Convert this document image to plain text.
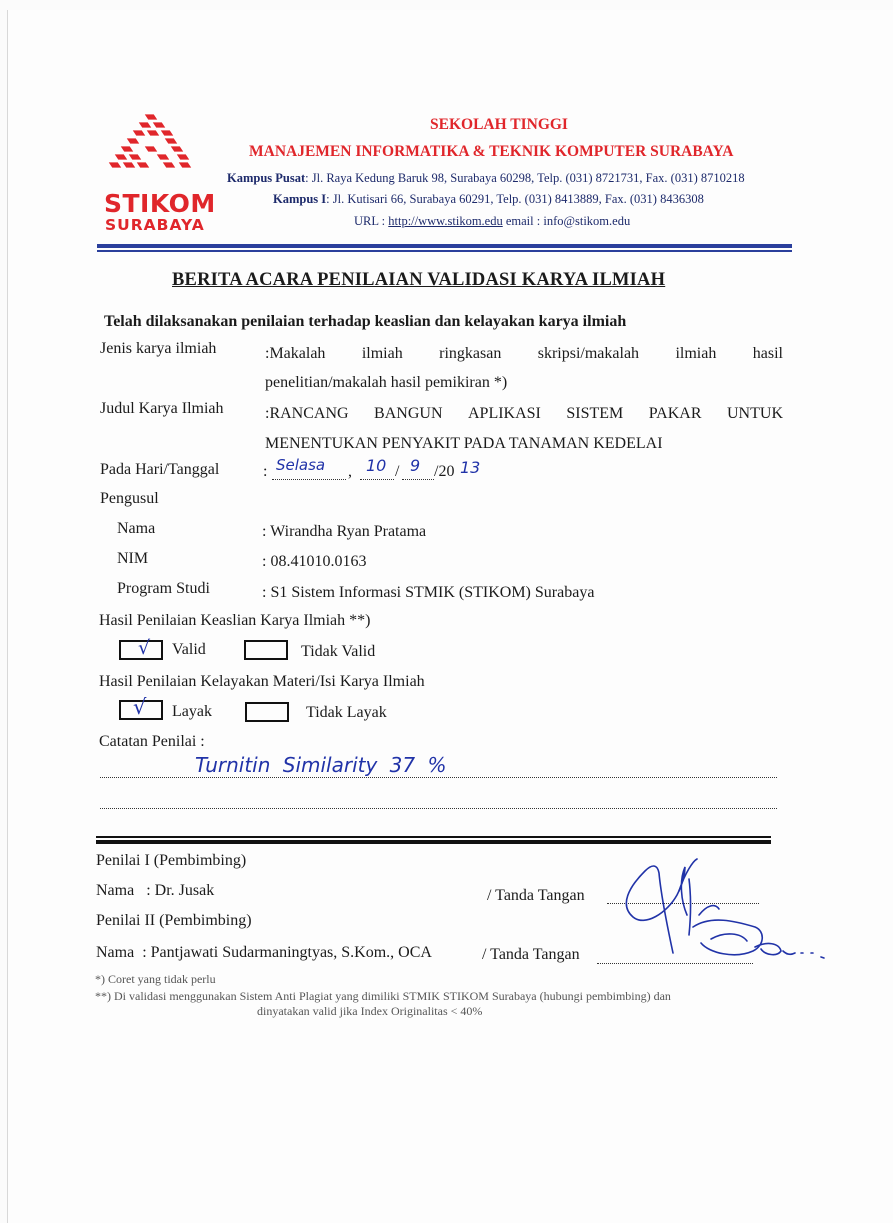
STIKOM
SURABAYA
SEKOLAH TINGGI
MANAJEMEN INFORMATIKA & TEKNIK KOMPUTER SURABAYA
Kampus Pusat: Jl. Raya Kedung Baruk 98, Surabaya 60298, Telp. (031) 8721731, Fax. (031) 8710218
Kampus I: Jl. Kutisari 66, Surabaya 60291, Telp. (031) 8413889, Fax. (031) 8436308
URL : http://www.stikom.edu email : info@stikom.edu
BERITA ACARA PENILAIAN VALIDASI KARYA ILMIAH
Telah dilaksanakan penilaian terhadap keaslian dan kelayakan karya ilmiah
Jenis karya ilmiah	:Makalah ilmiah ringkasan skripsi/makalah ilmiah hasil
penelitian/makalah hasil pemikiran *)
Judul Karya Ilmiah	:RANCANG BANGUN APLIKASI SISTEM PAKAR UNTUK
MENENTUKAN PENYAKIT PADA TANAMAN KEDELAI
Pada Hari/Tanggal	: Selasa , 10 / 9 /20 13
Pengusul
Nama	: Wirandha Ryan Pratama
NIM	: 08.41010.0163
Program Studi	: S1 Sistem Informasi STMIK (STIKOM) Surabaya
Hasil Penilaian Keaslian Karya Ilmiah **)
√ Valid	Tidak Valid
Hasil Penilaian Kelayakan Materi/Isi Karya Ilmiah
√ Layak	Tidak Layak
Catatan Penilai :
Turnitin Similarity 37 %
Penilai I (Pembimbing)
Nama   : Dr. Jusak	/ Tanda Tangan
Penilai II (Pembimbing)
Nama  : Pantjawati Sudarmaningtyas, S.Kom., OCA	/ Tanda Tangan
*) Coret yang tidak perlu
**) Di validasi menggunakan Sistem Anti Plagiat yang dimiliki STMIK STIKOM Surabaya (hubungi pembimbing) dan
dinyatakan valid jika Index Originalitas < 40%
